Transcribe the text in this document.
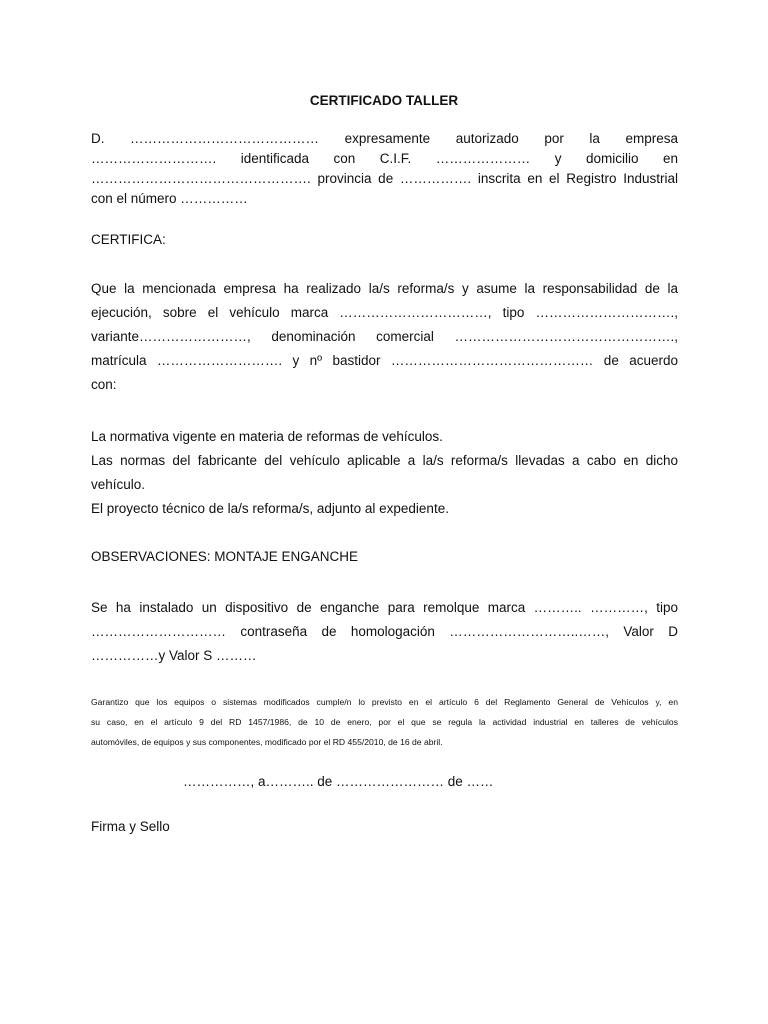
CERTIFICADO TALLER
D. …………………………………… expresamente autorizado por la empresa
………………………. identificada con C.I.F. ………………… y domicilio en
…………………………………………. provincia de ……………. inscrita en el Registro Industrial
con el número ……………
CERTIFICA:
Que la mencionada empresa ha realizado la/s reforma/s y asume la responsabilidad de la
ejecución, sobre el vehículo marca ……………………………, tipo ………………………….,
variante……………………, denominación comercial ………………………………………….,
matrícula ………………………. y nº bastidor ……………………………………… de acuerdo
con:
La normativa vigente en materia de reformas de vehículos.
Las normas del fabricante del vehículo aplicable a la/s reforma/s llevadas a cabo en dicho
vehículo.
El proyecto técnico de la/s reforma/s, adjunto al expediente.
OBSERVACIONES: MONTAJE ENGANCHE
Se ha instalado un dispositivo de enganche para remolque marca ……….. …………, tipo
………………………… contraseña de homologación ………………………..……, Valor D
……………y Valor S ………
Garantizo que los equipos o sistemas modificados cumple/n lo previsto en el artículo 6 del Reglamento General de Vehículos y, en
su caso, en el artículo 9 del RD 1457/1986, de 10 de enero, por el que se regula la actividad industrial en talleres de vehículos
automóviles, de equipos y sus componentes, modificado por el RD 455/2010, de 16 de abril.
……………, a……….. de …………………… de ……
Firma y Sello
